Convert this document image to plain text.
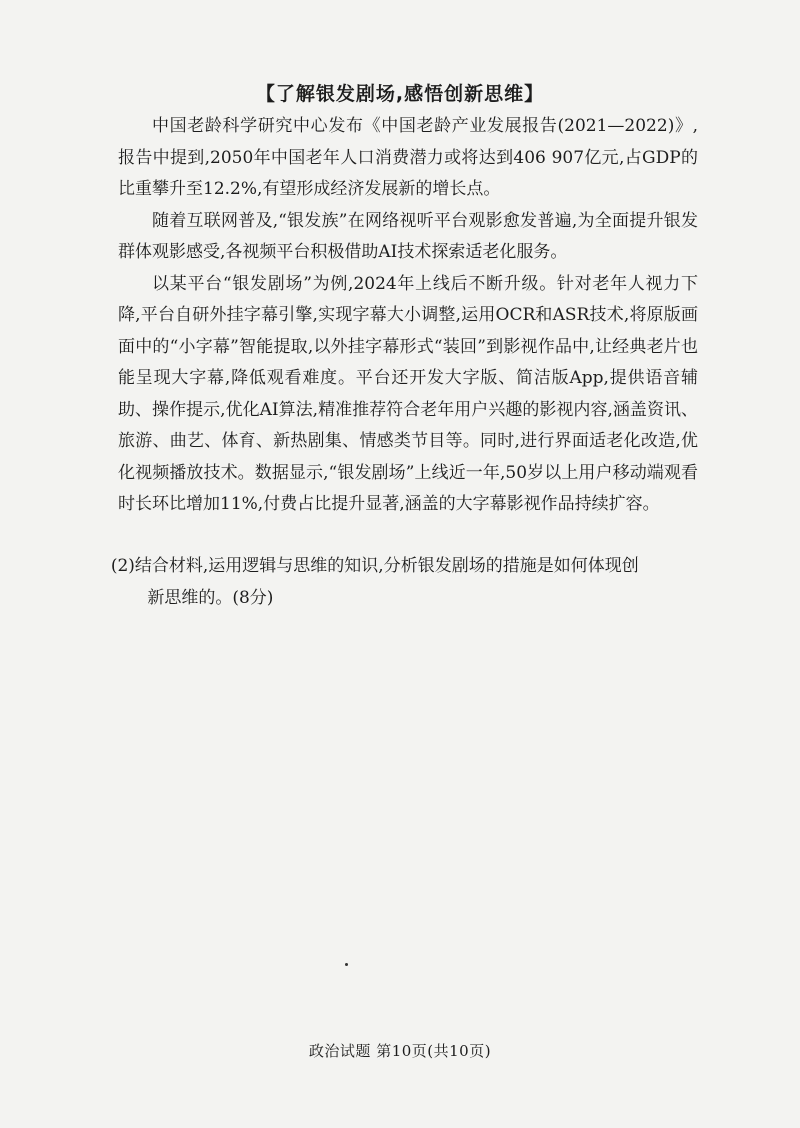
【了解银发剧场,感悟创新思维】

中国老龄科学研究中心发布《中国老龄产业发展报告(2021—2022)》,报告中提到,2050年中国老年人口消费潜力或将达到406 907亿元,占GDP的比重攀升至12.2%,有望形成经济发展新的增长点。

随着互联网普及,“银发族”在网络视听平台观影愈发普遍,为全面提升银发群体观影感受,各视频平台积极借助AI技术探索适老化服务。

以某平台“银发剧场”为例,2024年上线后不断升级。针对老年人视力下降,平台自研外挂字幕引擎,实现字幕大小调整,运用OCR和ASR技术,将原版画面中的“小字幕”智能提取,以外挂字幕形式“装回”到影视作品中,让经典老片也能呈现大字幕,降低观看难度。平台还开发大字版、简洁版App,提供语音辅助、操作提示,优化AI算法,精准推荐符合老年用户兴趣的影视内容,涵盖资讯、旅游、曲艺、体育、新热剧集、情感类节目等。同时,进行界面适老化改造,优化视频播放技术。数据显示,“银发剧场”上线近一年,50岁以上用户移动端观看时长环比增加11%,付费占比提升显著,涵盖的大字幕影视作品持续扩容。

(2)结合材料,运用逻辑与思维的知识,分析银发剧场的措施是如何体现创
新思维的。(8分)
政治试题 第10页(共10页)
